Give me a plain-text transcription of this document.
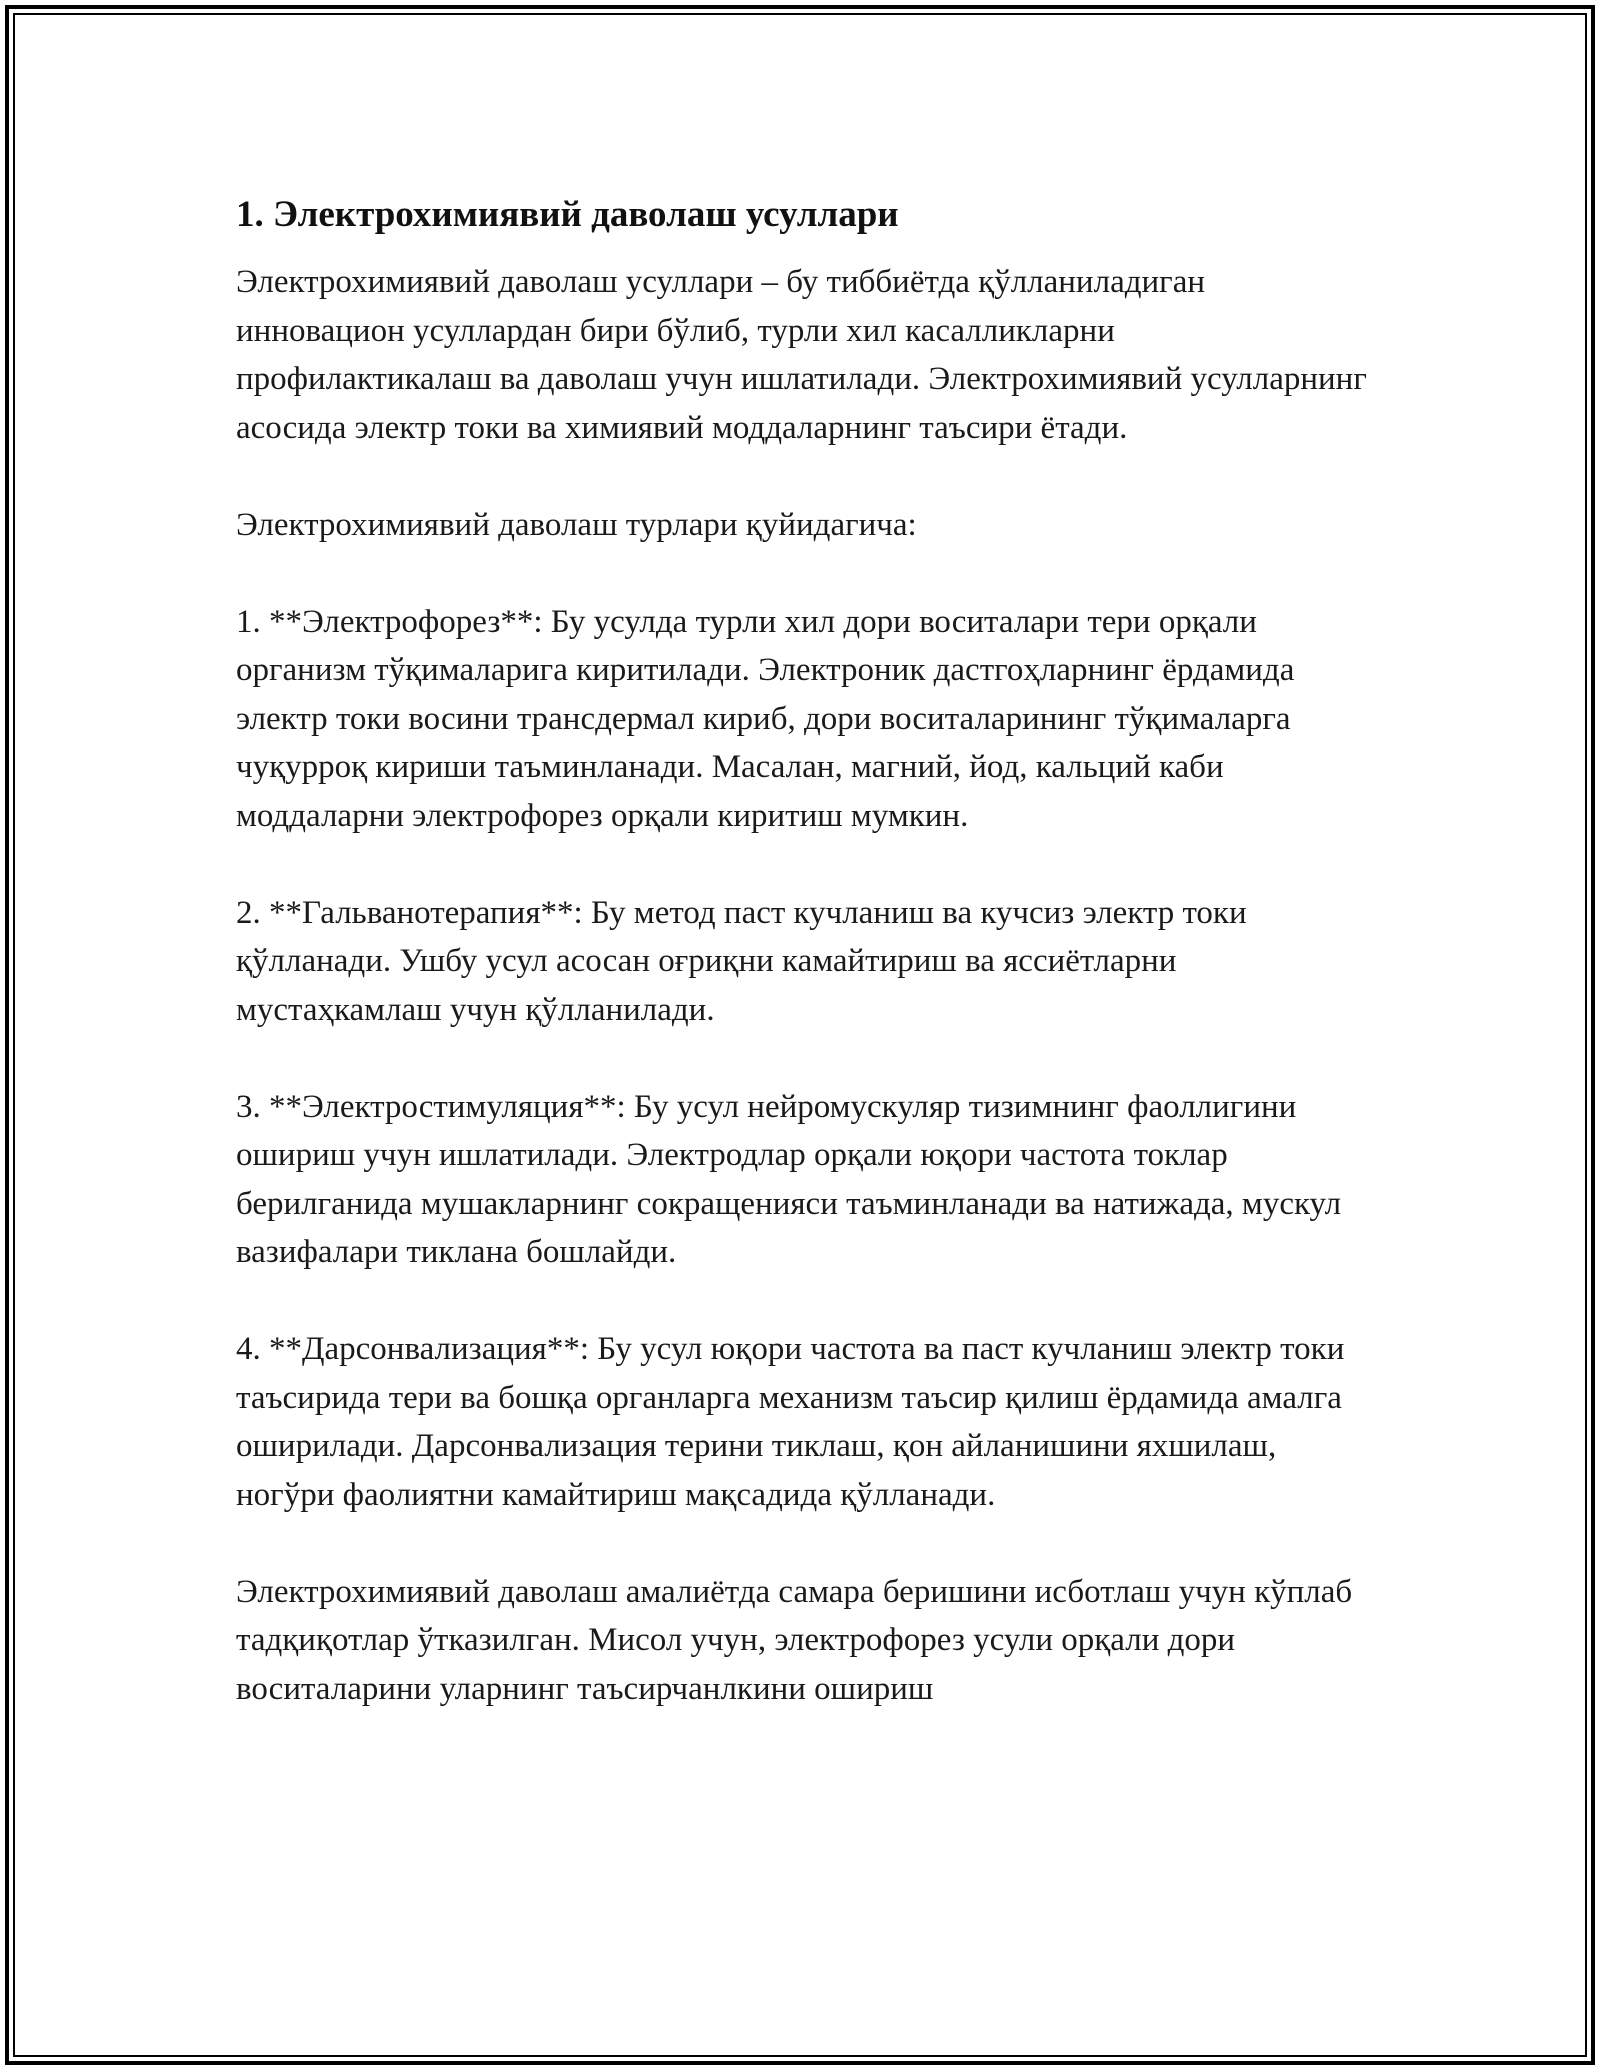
1. Электрохимиявий даволаш усуллари

Электрохимиявий даволаш усуллари – бу тиббиётда қўлланиладиган инновацион усуллардан бири бўлиб, турли хил касалликларни профилактикалаш ва даволаш учун ишлатилади. Электрохимиявий усулларнинг асосида электр токи ва химиявий моддаларнинг таъсири ётади.

Электрохимиявий даволаш турлари қуйидагича:

1. **Электрофорез**: Бу усулда турли хил дори воситалари тери орқали организм тўқималарига киритилади. Электроник дастгоҳларнинг ёрдамида электр токи восини трансдермал кириб, дори воситаларининг тўқималарга чуқурроқ кириши таъминланади. Масалан, магний, йод, кальций каби моддаларни электрофорез орқали киритиш мумкин.

2. **Гальванотерапия**: Бу метод паст кучланиш ва кучсиз электр токи қўлланади. Ушбу усул асосан оғриқни камайтириш ва яссиётларни мустаҳкамлаш учун қўлланилади.

3. **Электростимуляция**: Бу усул нейромускуляр тизимнинг фаоллигини ошириш учун ишлатилади. Электродлар орқали юқори частота токлар берилганида мушакларнинг сокращенияси таъминланади ва натижада, мускул вазифалари тиклана бошлайди.

4. **Дарсонвализация**: Бу усул юқори частота ва паст кучланиш электр токи таъсирида тери ва бошқа органларга механизм таъсир қилиш ёрдамида амалга оширилади. Дарсонвализация терини тиклаш, қон айланишини яхшилаш, ногўри фаолиятни камайтириш мақсадида қўлланади.

Электрохимиявий даволаш амалиётда самара беришини исботлаш учун кўплаб тадқиқотлар ўтказилган. Мисол учун, электрофорез усули орқали дори воситаларини уларнинг таъсирчанлкини ошириш
